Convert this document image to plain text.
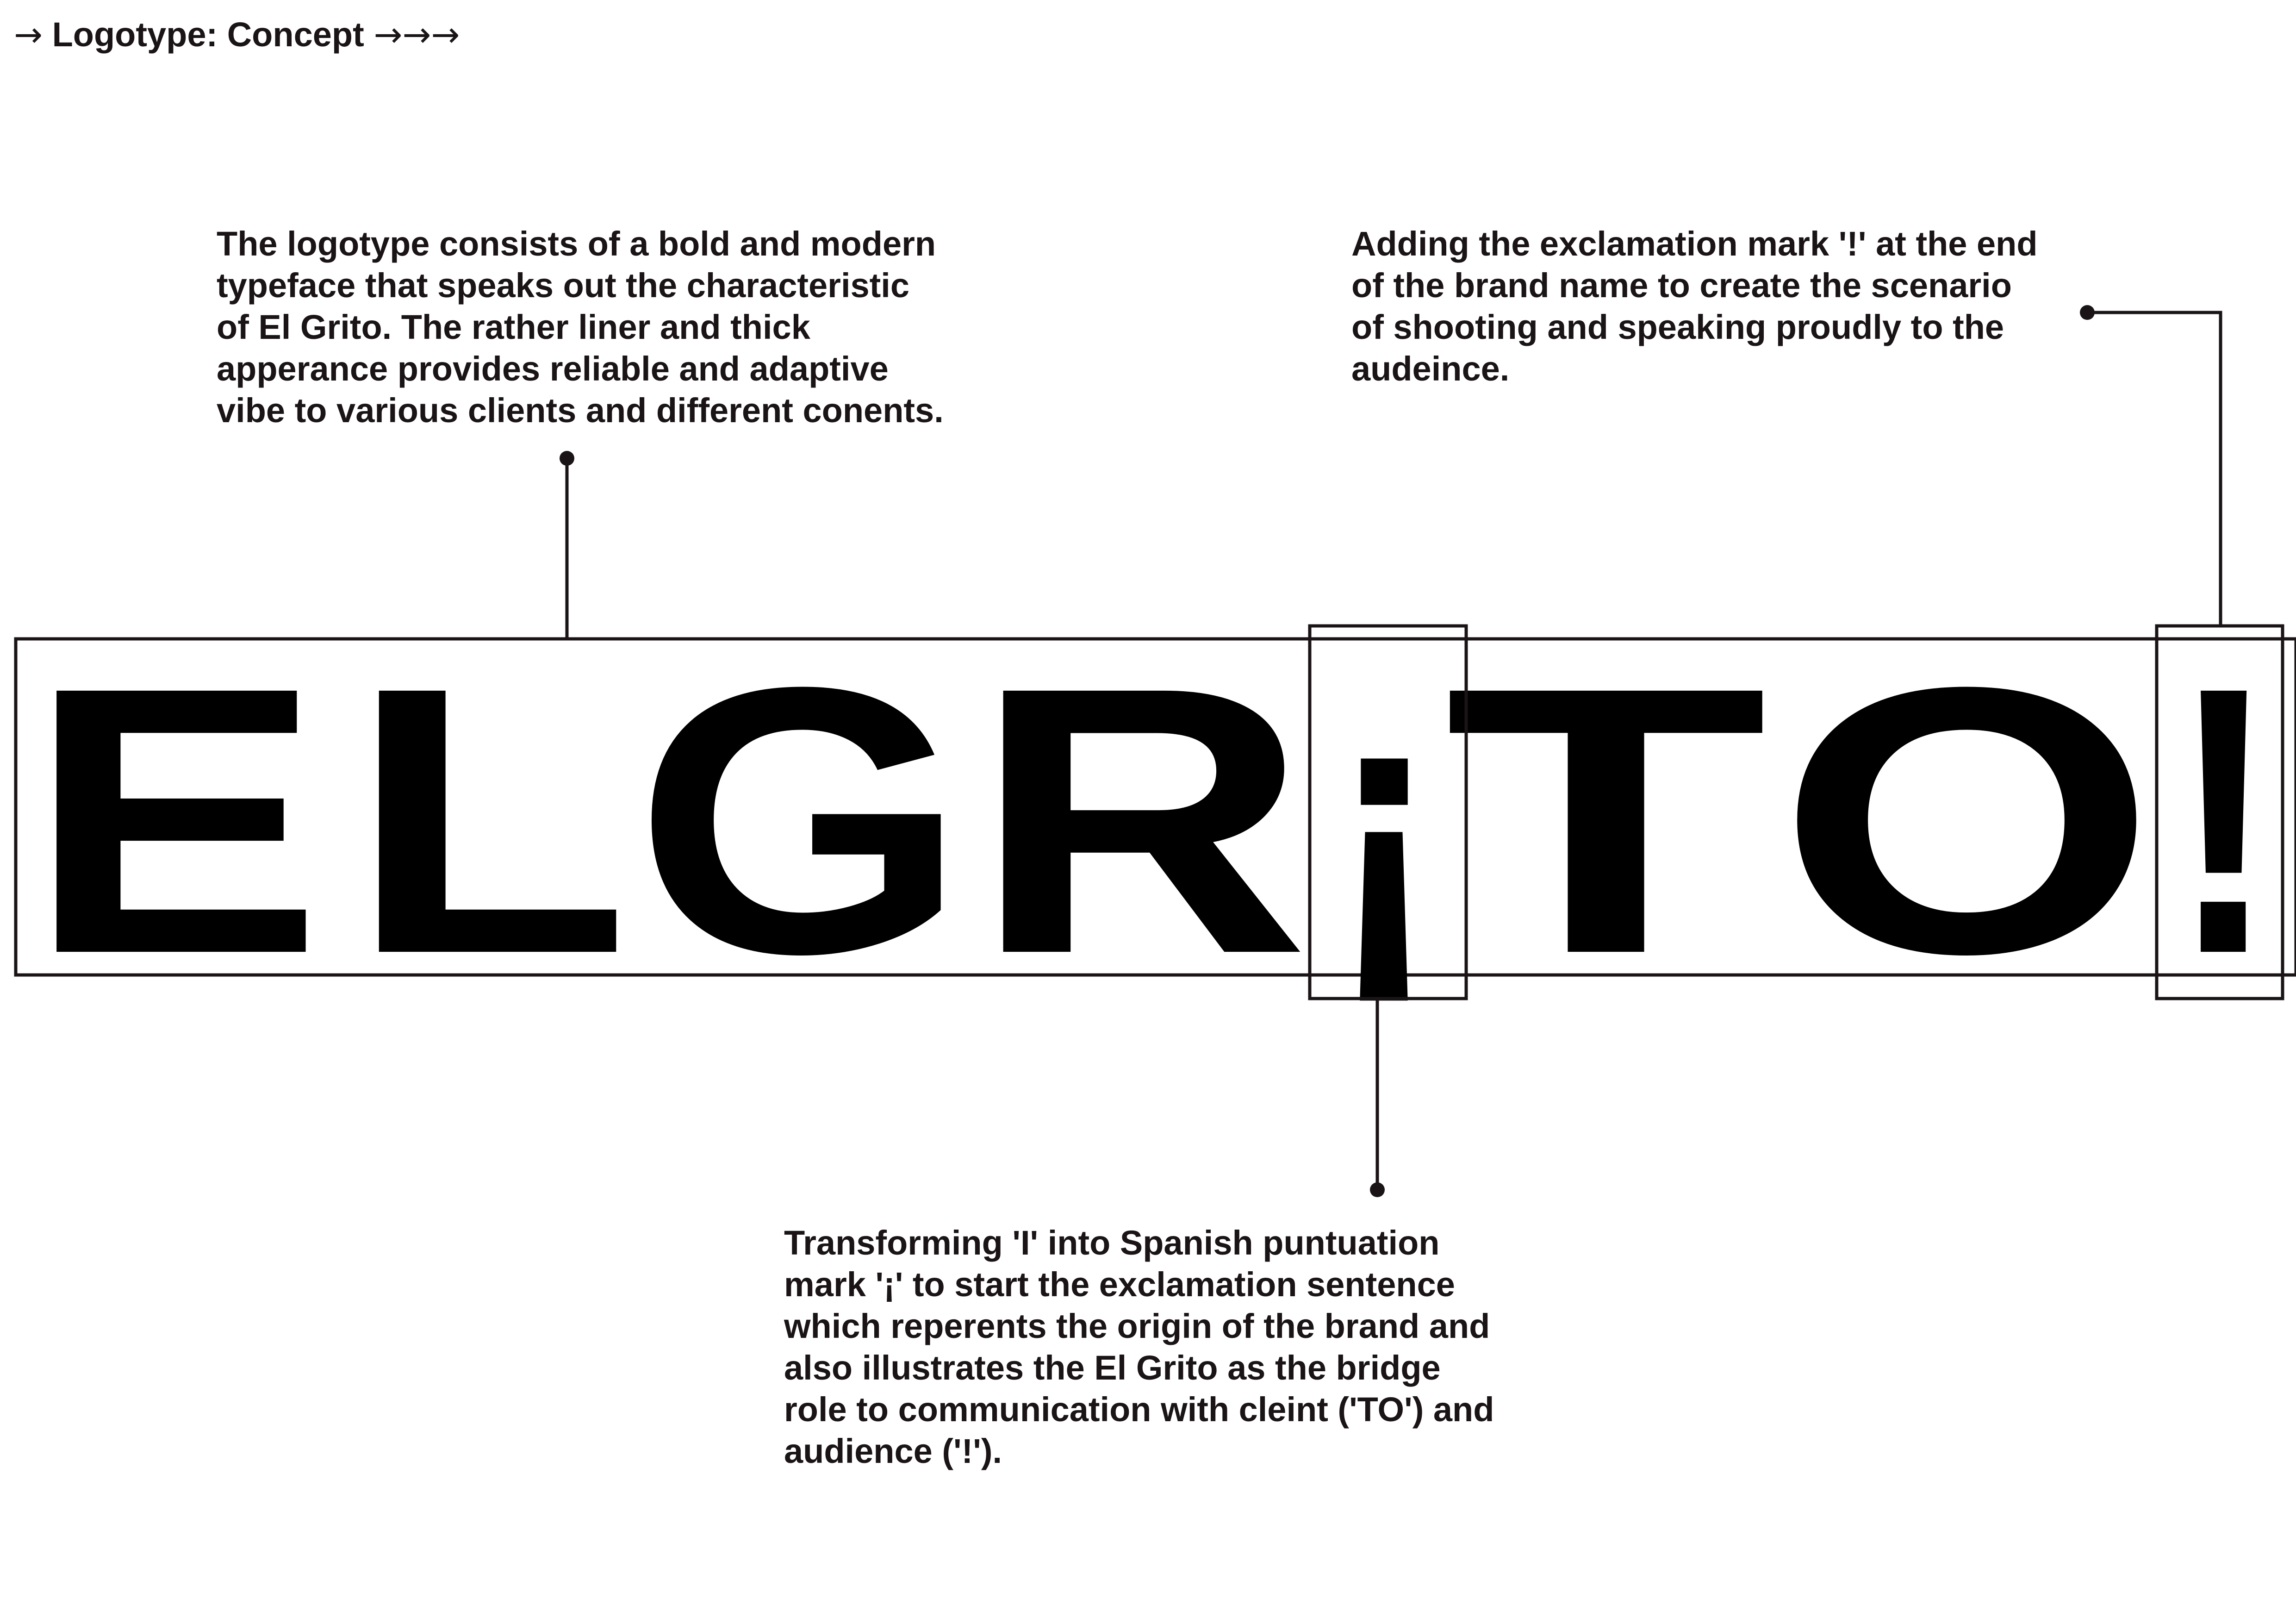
→ Logotype: Concept →→→
The logotype consists of a bold and modern
typeface that speaks out the characteristic
of El Grito. The rather liner and thick
apperance provides reliable and adaptive
vibe to various clients and different conents.
Adding the exclamation mark '!' at the end
of the brand name to create the scenario
of shooting and speaking proudly to the
audeince.
Transforming 'I' into Spanish puntuation
mark '¡' to start the exclamation sentence
which reperents the origin of the brand and
also illustrates the El Grito as the bridge
role to communication with cleint ('TO') and
audience ('!').
E L G R ¡ T O !
